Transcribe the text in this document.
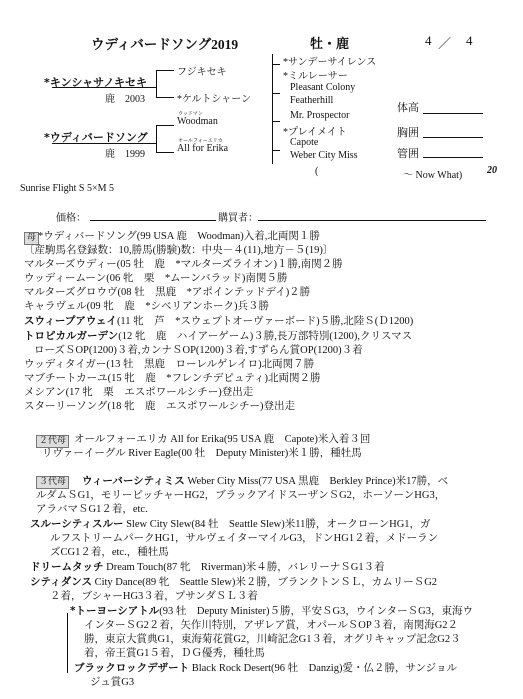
ウディバードソング2019	牡・鹿	4 ／ 4
*キンシャサノキセキ
鹿　2003
フジキセキ
*ケルトシャーン
*ウディバードソング
鹿　1999
ウッドマン
Woodman
オールフォーエリカ
All for Erika
*サンデーサイレンス
*ミルレーサー
Pleasant Colony
Featherhill
Mr. Prospector
*プレイメイト
Capote
Weber City Miss
(	～ Now What) 20
体高
胸囲
管囲
Sunrise Flight S 5×M 5
価格：	購買者：
母 *ウディバードソング(99 USA 鹿　Woodman)入着,北両関１勝
〔産駒馬名登録数：10,勝馬(勝験)数：中央－４(11),地方－５(19)〕
マルターズウディー(05 牡　鹿　*マルターズライオン)１勝,南関２勝
ウッディームーン(06 牝　栗　*ムーンバラッド)南関５勝
マルターズグロウヴ(08 牡　黒鹿　*アポインテッドデイ)２勝
キャラヴェル(09 牝　鹿　*シベリアンホーク)兵３勝
スウィープアウェイ(11 牝　芦　*スウェプトオーヴァーボード)５勝,北陸Ｓ(Ｄ1200)
トロピカルガーデン(12 牝　鹿　ハイアーゲーム)３勝,長万部特別(1200),クリスマス
ローズＳOP(1200)３着,カンナＳOP(1200)３着,すずらん賞OP(1200)３着
ウッディタイガー(13 牡　黒鹿　ローレルゲレイロ)北両関７勝
マブチートカーユ(15 牝　鹿　*フレンチデピュティ)北両関２勝
メシアン(17 牝　栗　エスポワールシチー)登出走
スターリーソング(18 牝　鹿　エスポワールシチー)登出走
２代母 オールフォーエリカ All for Erika(95 USA 鹿　Capote)米入着３回
リヴァーイーグル River Eagle(00 牡　Deputy Minister)米１勝，種牡馬
３代母	ウィーバーシティミス Weber City Miss(77 USA 黒鹿　Berkley Prince)米17勝，ベ
ルダムＳG1，モリーピッチャーHG2，ブラックアイドスーザンＳG2，ホーソーンHG3，
アラバマＳG1２着，etc.
スルーシティスルー Slew City Slew(84 牡　Seattle Slew)米11勝，オークローンHG1，ガ
ルフストリームパークHG1，サルヴェイターマイルG3，ドンHG1２着，メドーラン
ズCG1２着，etc.，種牡馬
ドリームタッチ Dream Touch(87 牝　Riverman)米４勝，バレリーナＳG1３着
シティダンス City Dance(89 牝　Seattle Slew)米２勝，ブランクトンＳＬ，カムリーＳG2
２着，ブシャーHG3３着，プサンダＳＬ３着
*トーヨーシアトル(93 牡　Deputy Minister)５勝，平安ＳG3，ウインターＳG3，東海ウ
インターＳG2２着，矢作川特別，アザレア賞，オパールＳOP３着，南関海G2２
勝，東京大賞典G1，東海菊花賞G2，川崎記念G1３着，オグリキャップ記念G2３
着，帝王賞G1５着，ＤＧ優秀，種牡馬
ブラックロックデザート Black Rock Desert(96 牡　Danzig)愛・仏２勝，サンジョル
ジュ賞G3
